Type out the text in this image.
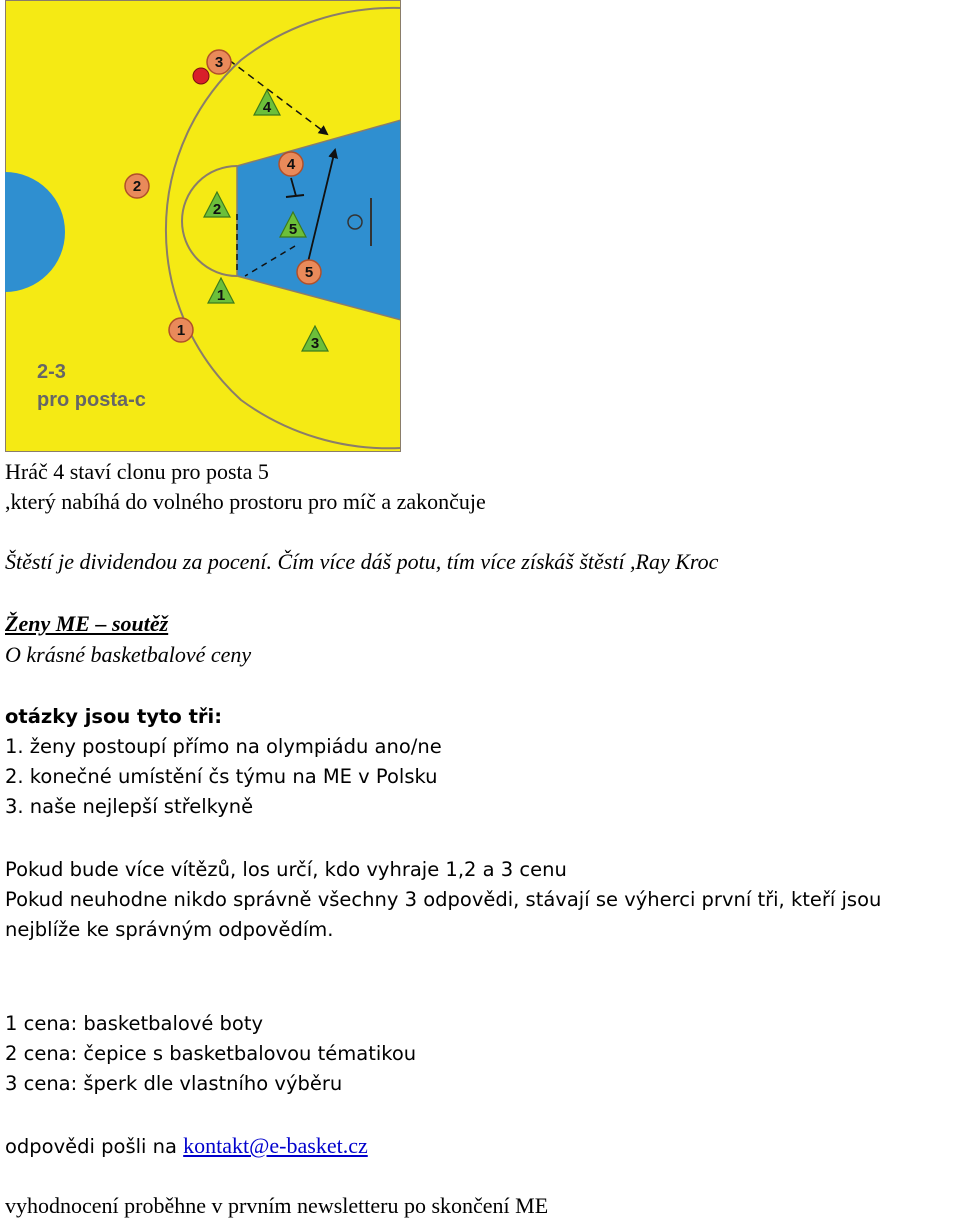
3
2
4
5
1
4
2
5
1
3
2-3
pro posta-c
Hráč 4 staví clonu pro posta 5
,který nabíhá do volného prostoru pro míč a zakončuje
Štěstí je dividendou za pocení. Čím více dáš potu, tím více získáš štěstí ,Ray Kroc
Ženy ME – soutěž
O krásné basketbalové ceny
otázky jsou tyto tři:
1. ženy postoupí přímo na olympiádu ano/ne
2. konečné umístění čs týmu na ME v Polsku
3. naše nejlepší střelkyně
Pokud bude více vítězů, los určí, kdo vyhraje 1,2 a 3 cenu
Pokud neuhodne nikdo správně všechny 3 odpovědi, stávají se výherci první tři, kteří jsou
nejblíže ke správným odpovědím.
1 cena: basketbalové boty
2 cena: čepice s basketbalovou tématikou
3 cena: šperk dle vlastního výběru
odpovědi pošli na kontakt@e-basket.cz
vyhodnocení proběhne v prvním newsletteru po skončení ME
